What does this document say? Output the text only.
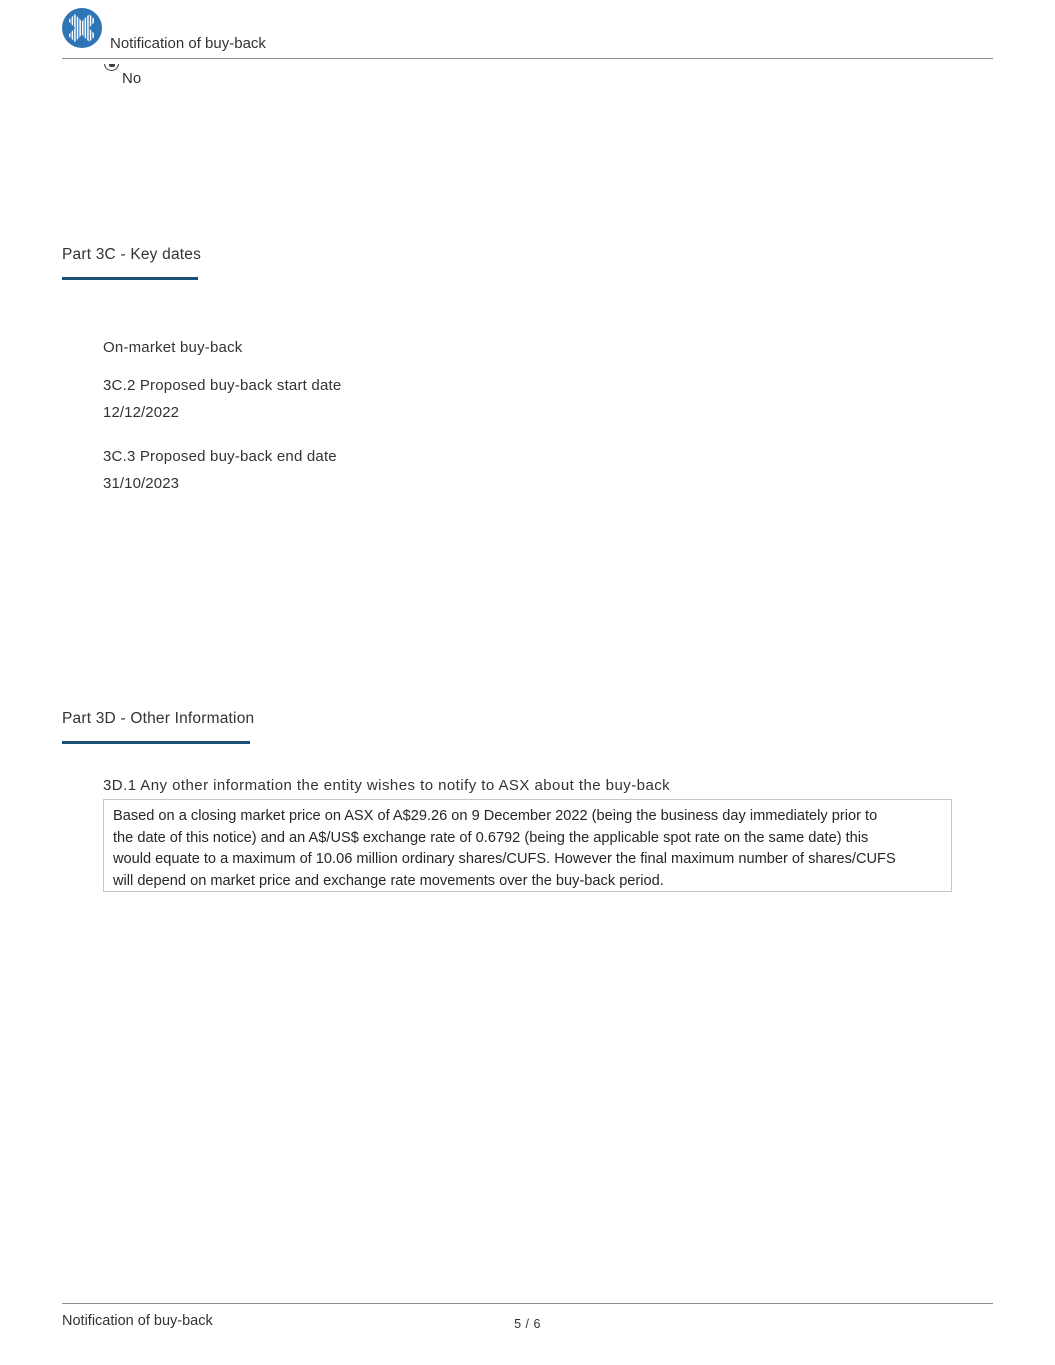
Notification of buy-back
No
Part 3C - Key dates
On-market buy-back
3C.2 Proposed buy-back start date
12/12/2022
3C.3 Proposed buy-back end date
31/10/2023
Part 3D - Other Information
3D.1 Any other information the entity wishes to notify to ASX about the buy-back
Based on a closing market price on ASX of A$29.26 on 9 December 2022 (being the business day immediately prior to
the date of this notice) and an A$/US$ exchange rate of 0.6792 (being the applicable spot rate on the same date) this
would equate to a maximum of 10.06 million ordinary shares/CUFS. However the final maximum number of shares/CUFS
will depend on market price and exchange rate movements over the buy-back period.
Notification of buy-back	5 / 6
